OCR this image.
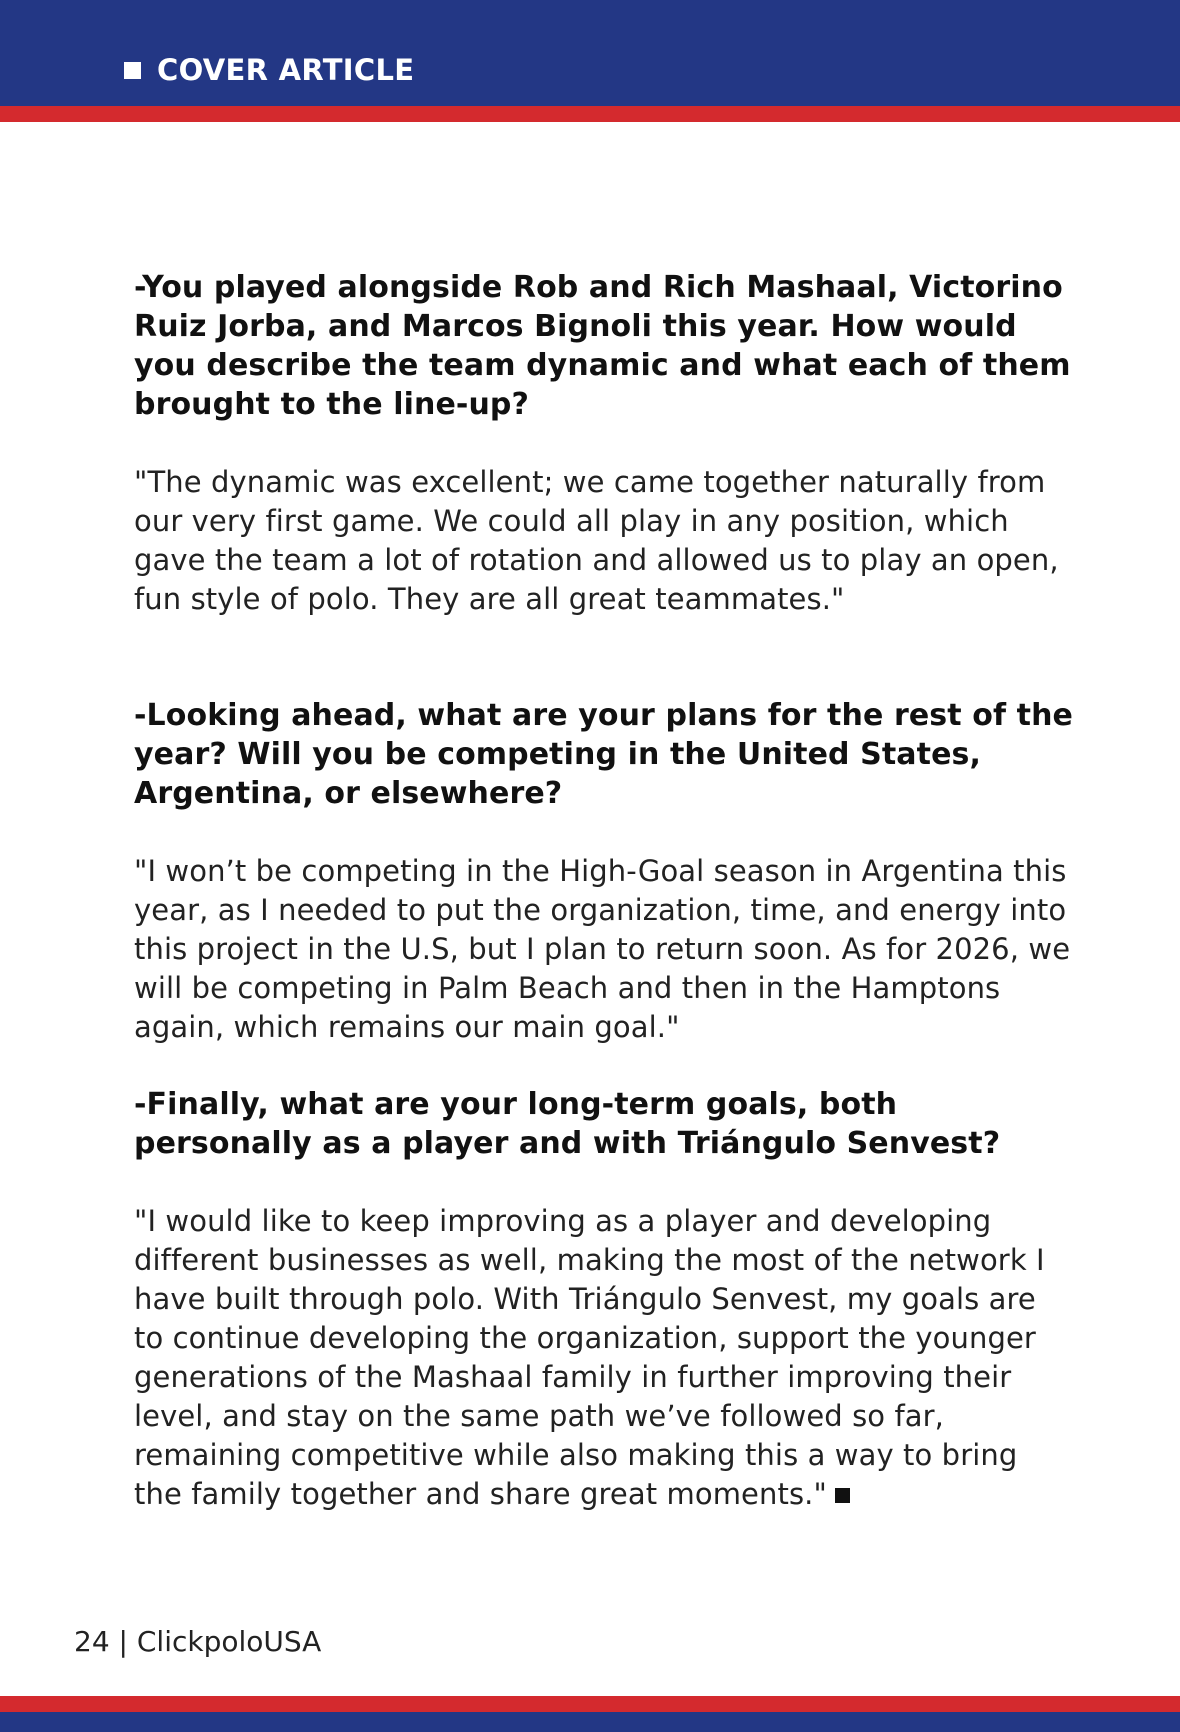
COVER ARTICLE

-You played alongside Rob and Rich Mashaal, Victorino Ruiz Jorba, and Marcos Bignoli this year. How would you describe the team dynamic and what each of them brought to the line-up?

"The dynamic was excellent; we came together naturally from our very first game. We could all play in any position, which gave the team a lot of rotation and allowed us to play an open, fun style of polo. They are all great teammates."

-Looking ahead, what are your plans for the rest of the year? Will you be competing in the United States, Argentina, or elsewhere?

"I won’t be competing in the High-Goal season in Argentina this year, as I needed to put the organization, time, and energy into this project in the U.S, but I plan to return soon. As for 2026, we will be competing in Palm Beach and then in the Hamptons again, which remains our main goal."

-Finally, what are your long-term goals, both personally as a player and with Triángulo Senvest?

"I would like to keep improving as a player and developing different businesses as well, making the most of the network I have built through polo. With Triángulo Senvest, my goals are to continue developing the organization, support the younger generations of the Mashaal family in further improving their level, and stay on the same path we’ve followed so far, remaining competitive while also making this a way to bring the family together and share great moments."

24 | ClickpoloUSA
